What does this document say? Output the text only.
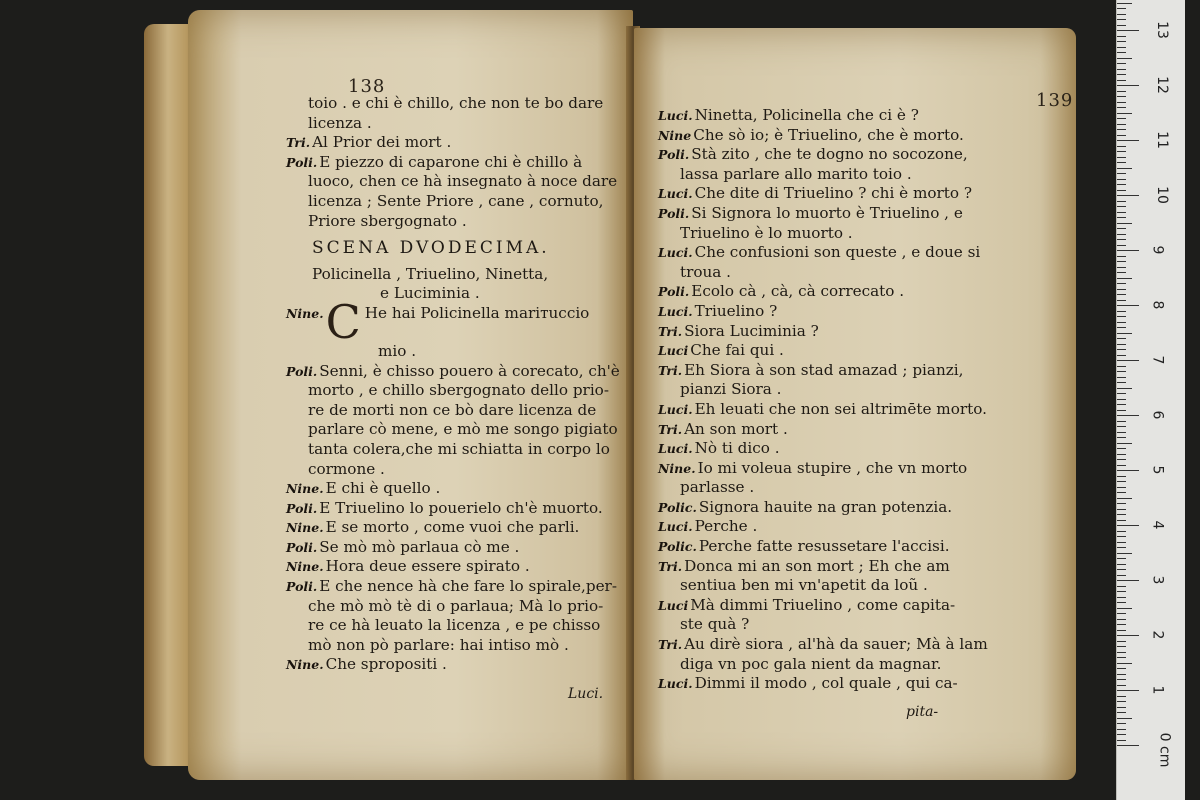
138
toio . e chi è chillo, che non te bo dare
licenza .
Tri. Al Prior dei mort .
Poli. E piezzo di caparone chi è chillo à
luoco, chen ce hà insegnato à noce dare
licenza ; Sente Priore , cane , cornuto,
Priore sbergognato .
SCENA DVODECIMA.
Policinella , Triuelino, Ninetta,
e Luciminia .
Nine.C He hai Policinella mariтuccio
mio .
Poli. Senni, è chisso pouero à corecato, ch'è
morto , e chillo sbergognato dello prio-
re de morti non ce bò dare licenza de
parlare cò mene, e mò me songo pigiato
tanta colera,che mi schiatta in corpo lo
cormone .
Nine. E chi è quello .
Poli. E Triuelino lo pouerielo ch'è muorto.
Nine. E se morto , come vuoi che parli.
Poli. Se mò mò parlaua cò me .
Nine. Hora deue essere spirato .
Poli. E che nence hà che fare lo spirale,per-
che mò mò tè di o parlaua; Mà lo prio-
re ce hà leuato la licenza , e pe chisso
mò non pò parlare: hai intiso mò .
Nine. Che spropositi .
Luci.
139
Luci. Ninetta, Policinella che ci è ?
Nine Che sò io; è Triuelino, che è morto.
Poli. Stà zito , che te dogno no socozone,
lassa parlare allo marito toio .
Luci. Che dite di Triuelino ? chi è morto ?
Poli. Si Signora lo muorto è Triuelino , e
Triuelino è lo muorto .
Luci. Che confusioni son queste , e doue si
troua .
Poli. Ecolo cà , cà, cà correcato .
Luci. Triuelino ?
Tri. Siora Luciminia ?
Luci Che fai qui .
Tri. Eh Siora à son stad amazad ; pianzi,
pianzi Siora .
Luci. Eh leuati che non sei altrimēte morto.
Tri. An son mort .
Luci. Nò ti dico .
Nine. Io mi voleua stupire , che vn morto
parlasse .
Polic. Signora hauite na gran potenzia.
Luci. Perche .
Polic. Perche fatte resussetare l'accisi.
Tri. Donca mi an son mort ; Eh che am
sentiua ben mi vn'apetit da loũ .
Luci Mà dimmi Triuelino , come capita-
ste quà ?
Tri. Au dirè siora , al'hà da sauer; Mà à lam
diga vn poc gala nient da magnar.
Luci. Dimmi il modo , col quale , qui ca-
pita-
0 cm
1
2
3
4
5
6
7
8
9
10
11
12
13
